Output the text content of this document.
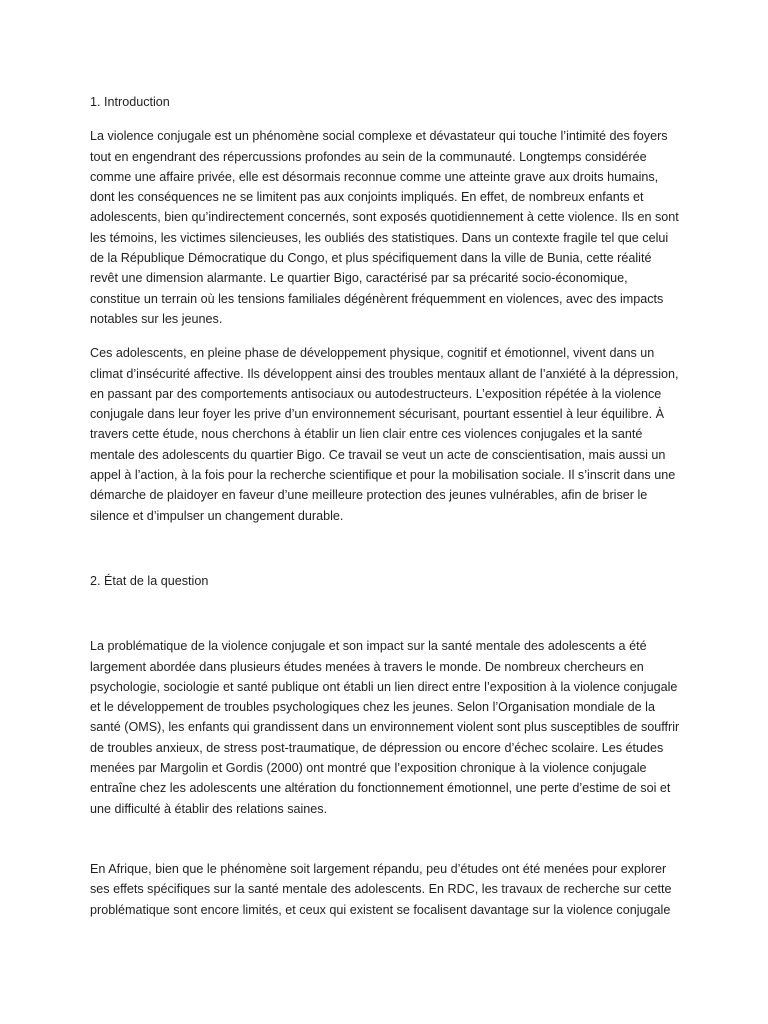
1. Introduction

La violence conjugale est un phénomène social complexe et dévastateur qui touche l’intimité des foyers tout en engendrant des répercussions profondes au sein de la communauté. Longtemps considérée comme une affaire privée, elle est désormais reconnue comme une atteinte grave aux droits humains, dont les conséquences ne se limitent pas aux conjoints impliqués. En effet, de nombreux enfants et adolescents, bien qu’indirectement concernés, sont exposés quotidiennement à cette violence. Ils en sont les témoins, les victimes silencieuses, les oubliés des statistiques. Dans un contexte fragile tel que celui de la République Démocratique du Congo, et plus spécifiquement dans la ville de Bunia, cette réalité revêt une dimension alarmante. Le quartier Bigo, caractérisé par sa précarité socio-économique, constitue un terrain où les tensions familiales dégénèrent fréquemment en violences, avec des impacts notables sur les jeunes.

Ces adolescents, en pleine phase de développement physique, cognitif et émotionnel, vivent dans un climat d’insécurité affective. Ils développent ainsi des troubles mentaux allant de l’anxiété à la dépression, en passant par des comportements antisociaux ou autodestructeurs. L’exposition répétée à la violence conjugale dans leur foyer les prive d’un environnement sécurisant, pourtant essentiel à leur équilibre. À travers cette étude, nous cherchons à établir un lien clair entre ces violences conjugales et la santé mentale des adolescents du quartier Bigo. Ce travail se veut un acte de conscientisation, mais aussi un appel à l’action, à la fois pour la recherche scientifique et pour la mobilisation sociale. Il s’inscrit dans une démarche de plaidoyer en faveur d’une meilleure protection des jeunes vulnérables, afin de briser le silence et d’impulser un changement durable.

2. État de la question

La problématique de la violence conjugale et son impact sur la santé mentale des adolescents a été largement abordée dans plusieurs études menées à travers le monde. De nombreux chercheurs en psychologie, sociologie et santé publique ont établi un lien direct entre l’exposition à la violence conjugale et le développement de troubles psychologiques chez les jeunes. Selon l’Organisation mondiale de la santé (OMS), les enfants qui grandissent dans un environnement violent sont plus susceptibles de souffrir de troubles anxieux, de stress post-traumatique, de dépression ou encore d’échec scolaire. Les études menées par Margolin et Gordis (2000) ont montré que l’exposition chronique à la violence conjugale entraîne chez les adolescents une altération du fonctionnement émotionnel, une perte d’estime de soi et une difficulté à établir des relations saines.

En Afrique, bien que le phénomène soit largement répandu, peu d’études ont été menées pour explorer ses effets spécifiques sur la santé mentale des adolescents. En RDC, les travaux de recherche sur cette problématique sont encore limités, et ceux qui existent se focalisent davantage sur la violence conjugale
